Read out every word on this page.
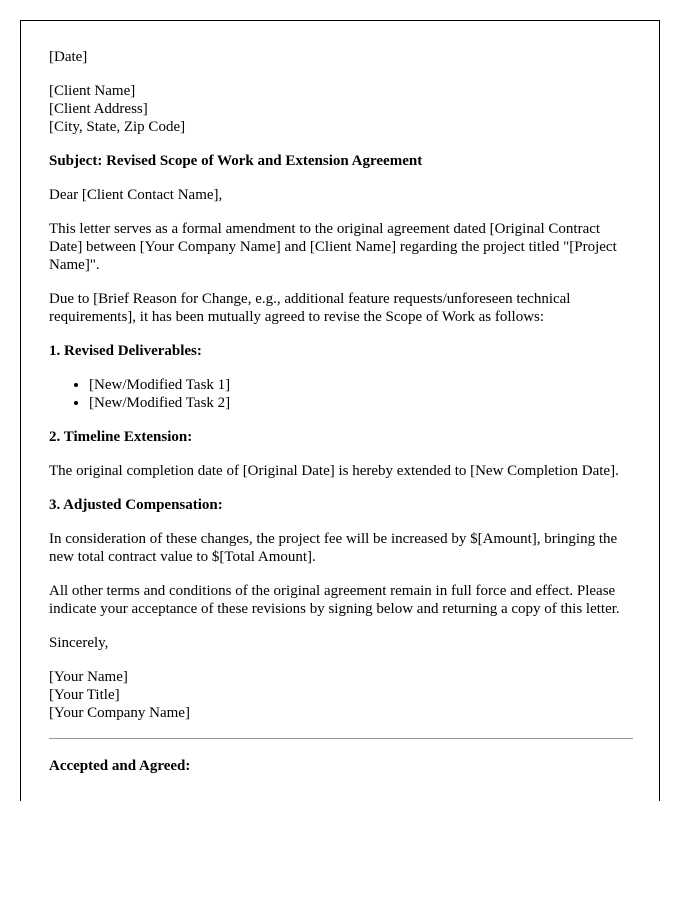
[Date]

[Client Name]
[Client Address]
[City, State, Zip Code]

Subject: Revised Scope of Work and Extension Agreement

Dear [Client Contact Name],

This letter serves as a formal amendment to the original agreement dated [Original Contract Date] between [Your Company Name] and [Client Name] regarding the project titled "[Project Name]".

Due to [Brief Reason for Change, e.g., additional feature requests/unforeseen technical requirements], it has been mutually agreed to revise the Scope of Work as follows:

1. Revised Deliverables:

• [New/Modified Task 1]
• [New/Modified Task 2]

2. Timeline Extension:

The original completion date of [Original Date] is hereby extended to [New Completion Date].

3. Adjusted Compensation:

In consideration of these changes, the project fee will be increased by $[Amount], bringing the new total contract value to $[Total Amount].

All other terms and conditions of the original agreement remain in full force and effect. Please indicate your acceptance of these revisions by signing below and returning a copy of this letter.

Sincerely,

[Your Name]
[Your Title]
[Your Company Name]

Accepted and Agreed:
